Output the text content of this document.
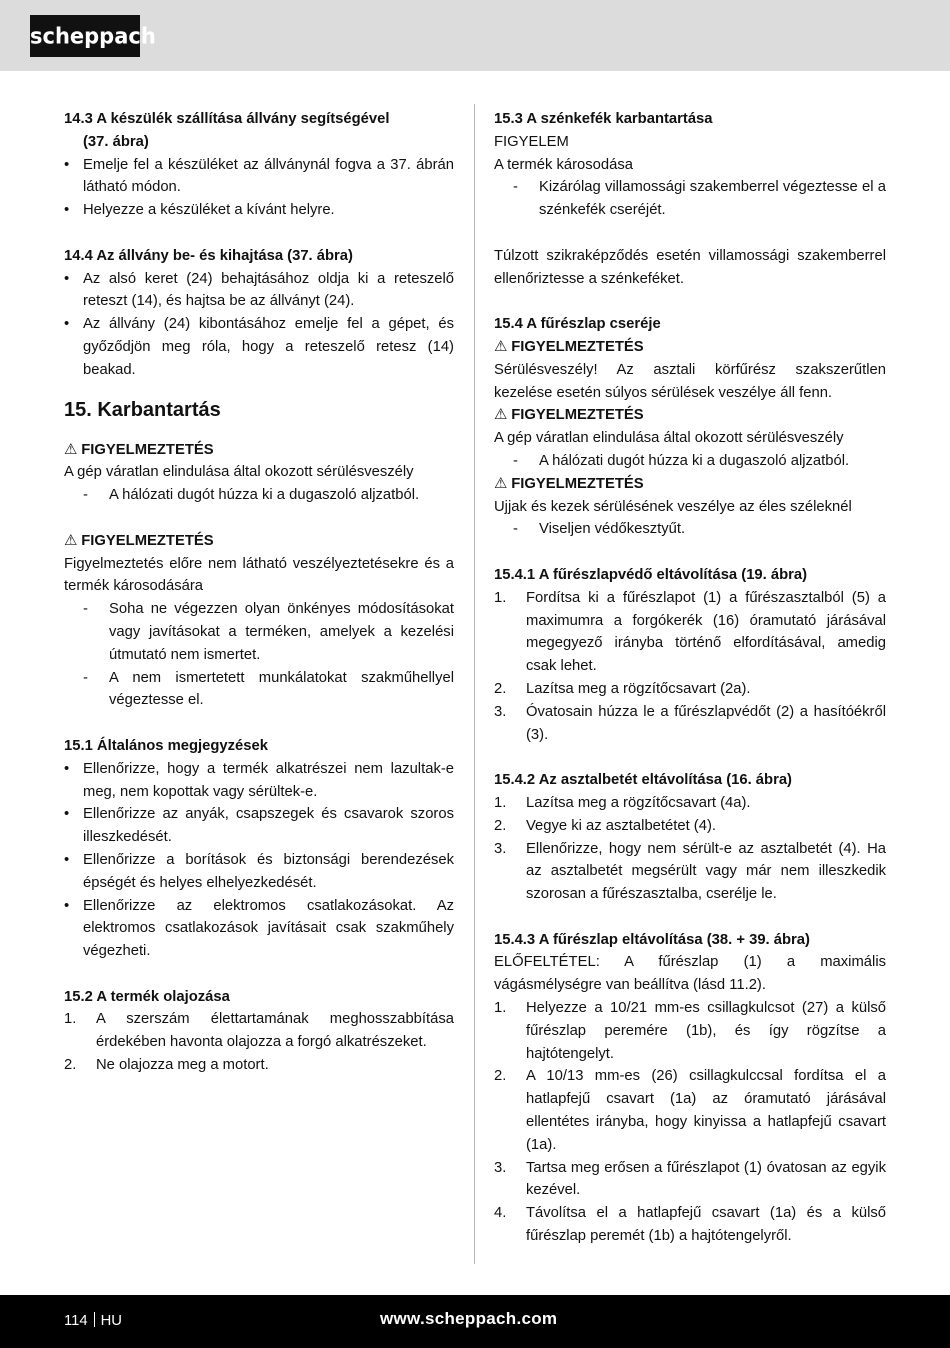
scheppach
14.3 A készülék szállítása állvány segítségével
(37. ábra)
• Emelje fel a készüléket az állványnál fogva a 37. ábrán látható módon.
• Helyezze a készüléket a kívánt helyre.
14.4 Az állvány be- és kihajtása (37. ábra)
• Az alsó keret (24) behajtásához oldja ki a reteszelő reteszt (14), és hajtsa be az állványt (24).
• Az állvány (24) kibontásához emelje fel a gépet, és győződjön meg róla, hogy a reteszelő retesz (14) beakad.
15. Karbantartás
⚠ FIGYELMEZTETÉS
A gép váratlan elindulása által okozott sérülésveszély
- A hálózati dugót húzza ki a dugaszoló aljzatból.
⚠ FIGYELMEZTETÉS
Figyelmeztetés előre nem látható veszélyeztetésekre és a termék károsodására
- Soha ne végezzen olyan önkényes módosításokat vagy javításokat a terméken, amelyek a kezelési útmutató nem ismertet.
- A nem ismertetett munkálatokat szakműhellyel végeztesse el.
15.1 Általános megjegyzések
• Ellenőrizze, hogy a termék alkatrészei nem lazultak-e meg, nem kopottak vagy sérültek-e.
• Ellenőrizze az anyák, csapszegek és csavarok szoros illeszkedését.
• Ellenőrizze a borítások és biztonsági berendezések épségét és helyes elhelyezkedését.
• Ellenőrizze az elektromos csatlakozásokat. Az elektromos csatlakozások javításait csak szakműhely végezheti.
15.2 A termék olajozása
1. A szerszám élettartamának meghosszabbítása érdekében havonta olajozza a forgó alkatrészeket.
2. Ne olajozza meg a motort.
15.3 A szénkefék karbantartása
FIGYELEM
A termék károsodása
- Kizárólag villamossági szakemberrel végeztesse el a szénkefék cseréjét.
Túlzott szikraképződés esetén villamossági szakemberrel ellenőriztesse a szénkeféket.
15.4 A fűrészlap cseréje
⚠ FIGYELMEZTETÉS
Sérülésveszély! Az asztali körfűrész szakszerűtlen kezelése esetén súlyos sérülések veszélye áll fenn.
⚠ FIGYELMEZTETÉS
A gép váratlan elindulása által okozott sérülésveszély
- A hálózati dugót húzza ki a dugaszoló aljzatból.
⚠ FIGYELMEZTETÉS
Ujjak és kezek sérülésének veszélye az éles széleknél
- Viseljen védőkesztyűt.
15.4.1 A fűrészlapvédő eltávolítása (19. ábra)
1. Fordítsa ki a fűrészlapot (1) a fűrészasztalból (5) a maximumra a forgókerék (16) óramutató járásával megegyező irányba történő elfordításával, amedig csak lehet.
2. Lazítsa meg a rögzítőcsavart (2a).
3. Óvatosain húzza le a fűrészlapvédőt (2) a hasítóékről (3).
15.4.2 Az asztalbetét eltávolítása (16. ábra)
1. Lazítsa meg a rögzítőcsavart (4a).
2. Vegye ki az asztalbetétet (4).
3. Ellenőrizze, hogy nem sérült-e az asztalbetét (4). Ha az asztalbetét megsérült vagy már nem illeszkedik szorosan a fűrészasztalba, cserélje le.
15.4.3 A fűrészlap eltávolítása (38. + 39. ábra)
ELŐFELTÉTEL: A fűrészlap (1) a maximális vágásmélységre van beállítva (lásd 11.2).
1. Helyezze a 10/21 mm-es csillagkulcsot (27) a külső fűrészlap peremére (1b), és így rögzítse a hajtótengelyt.
2. A 10/13 mm-es (26) csillagkulccsal fordítsa el a hatlapfejű csavart (1a) az óramutató járásával ellentétes irányba, hogy kinyissa a hatlapfejű csavart (1a).
3. Tartsa meg erősen a fűrészlapot (1) óvatosan az egyik kezével.
4. Távolítsa el a hatlapfejű csavart (1a) és a külső fűrészlap peremét (1b) a hajtótengelyről.
114 HU	www.scheppach.com
